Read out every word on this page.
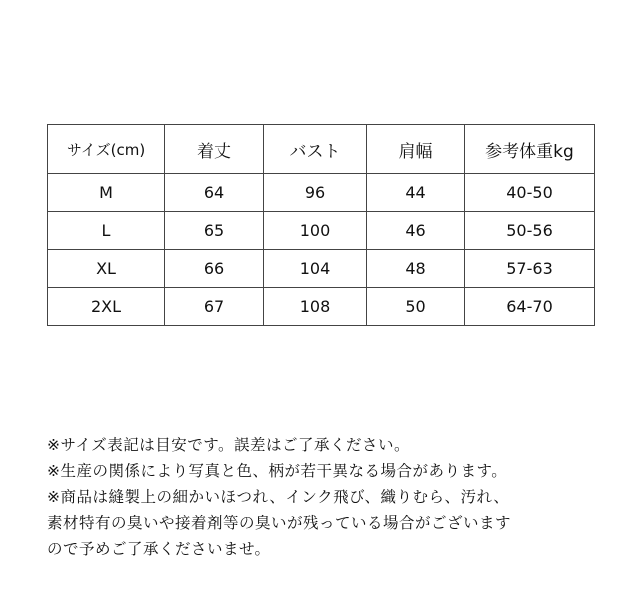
サイズ(cm)	着丈	バスト	肩幅	参考体重kg
M	64	96	44	40-50
L	65	100	46	50-56
XL	66	104	48	57-63
2XL	67	108	50	64-70
※サイズ表記は目安です。誤差はご了承ください。
※生産の関係により写真と色、柄が若干異なる場合があります。
※商品は縫製上の細かいほつれ、インク飛び、織りむら、汚れ、
素材特有の臭いや接着剤等の臭いが残っている場合がございます
ので予めご了承くださいませ。
